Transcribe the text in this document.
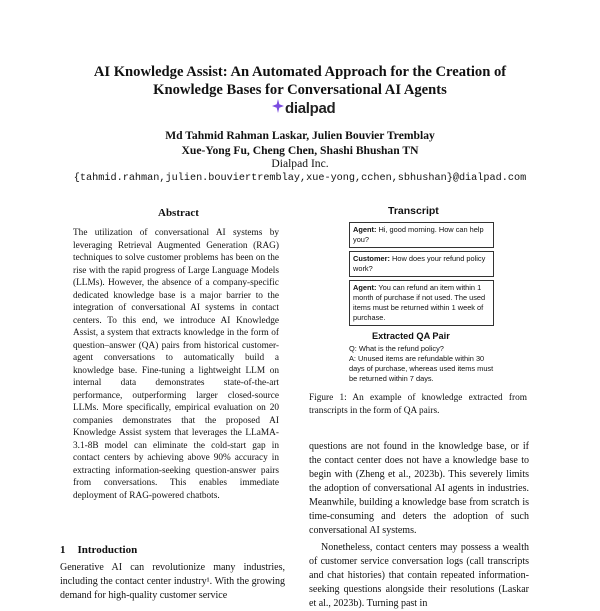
AI Knowledge Assist: An Automated Approach for the Creation of
Knowledge Bases for Conversational AI Agents
dialpad
Md Tahmid Rahman Laskar, Julien Bouvier Tremblay
Xue-Yong Fu, Cheng Chen, Shashi Bhushan TN
Dialpad Inc.
{tahmid.rahman,julien.bouviertremblay,xue-yong,cchen,sbhushan}@dialpad.com
Abstract

The utilization of conversational AI systems by leveraging Retrieval Augmented Generation (RAG) techniques to solve customer problems has been on the rise with the rapid progress of Large Language Models (LLMs). However, the absence of a company-specific dedicated knowledge base is a major barrier to the integration of conversational AI systems in contact centers. To this end, we introduce AI Knowledge Assist, a system that extracts knowledge in the form of question–answer (QA) pairs from historical customer-agent conversations to automatically build a knowledge base. Fine-tuning a lightweight LLM on internal data demonstrates state-of-the-art performance, outperforming larger closed-source LLMs. More specifically, empirical evaluation on 20 companies demonstrates that the proposed AI Knowledge Assist system that leverages the LLaMA-3.1-8B model can eliminate the cold-start gap in contact centers by achieving above 90% accuracy in extracting information-seeking question-answer pairs from conversations. This enables immediate deployment of RAG-powered chatbots.

1 Introduction

Generative AI can revolutionize many industries, including the contact center industry¹. With the growing demand for high-quality customer service

Transcript
Agent: Hi, good morning. How can help you?
Customer: How does your refund policy work?
Agent: You can refund an item within 1 month of purchase if not used. The used items must be returned within 1 week of purchase.
Extracted QA Pair
Q: What is the refund policy?
A: Unused items are refundable within 30 days of purchase, whereas used items must be returned within 7 days.

Figure 1: An example of knowledge extracted from transcripts in the form of QA pairs.

questions are not found in the knowledge base, or if the contact center does not have a knowledge base to begin with (Zheng et al., 2023b). This severely limits the adoption of conversational AI agents in industries. Meanwhile, building a knowledge base from scratch is time-consuming and deters the adoption of such conversational AI systems.

Nonetheless, contact centers may possess a wealth of customer service conversation logs (call transcripts and chat histories) that contain repeated information-seeking questions alongside their resolutions (Laskar et al., 2023b). Turning past in
